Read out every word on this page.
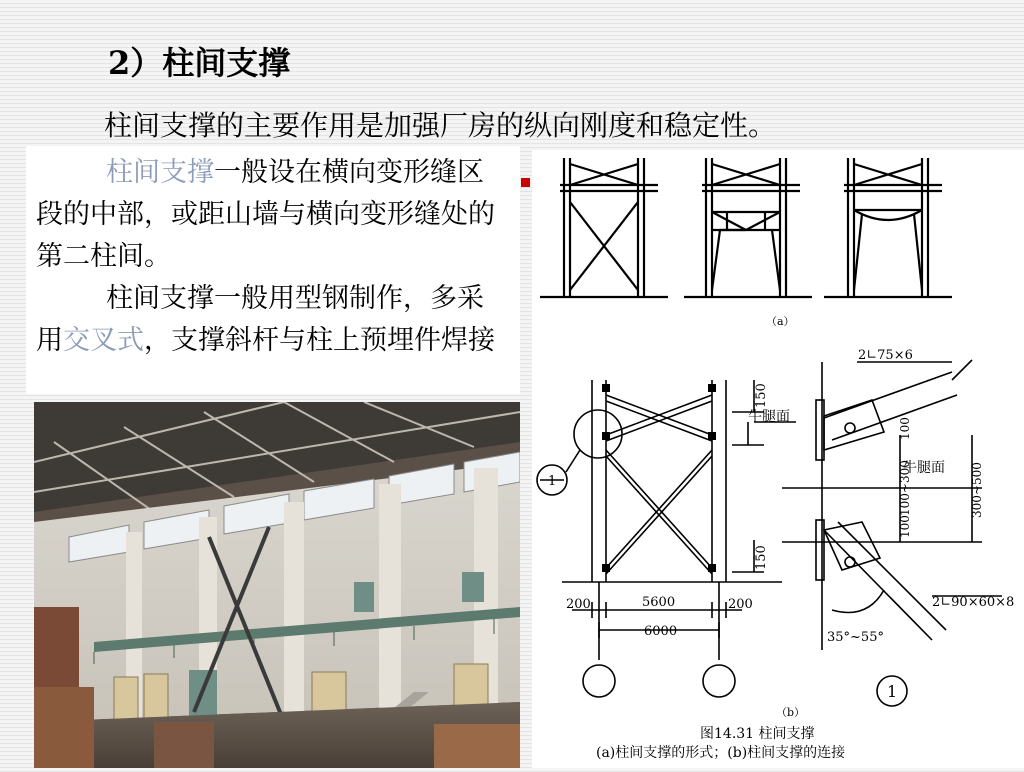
2）柱间支撑
柱间支撑的主要作用是加强厂房的纵向刚度和稳定性。

柱间支撑一般设在横向变形缝区段的中部，或距山墙与横向变形缝处的第二柱间。

柱间支撑一般用型钢制作，多采用交叉式，支撑斜杆与柱上预埋件焊接

（a）
1
150
150
牛腿面
200	5600	200
6000
2∟75×6
牛腿面
100
100~300
100
300~500
2∟90×60×8
35°~55°
1
（b）
图14.31 柱间支撑
(a)柱间支撑的形式；(b)柱间支撑的连接
